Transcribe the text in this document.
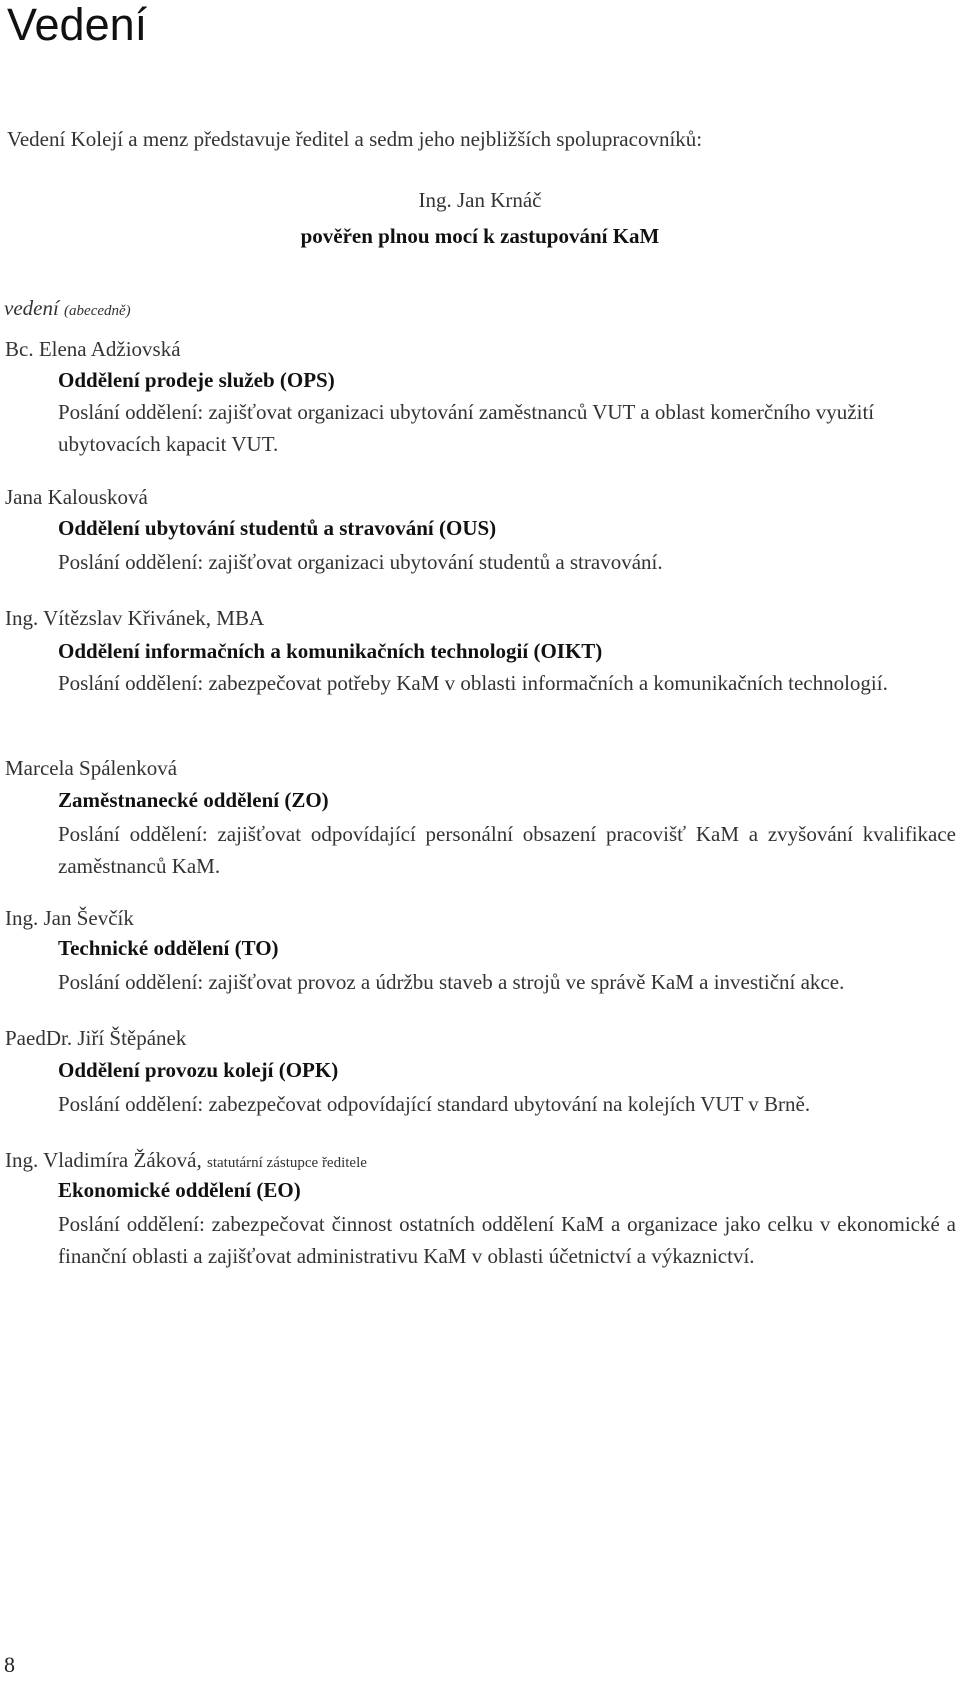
Vedení
Vedení Kolejí a menz představuje ředitel a sedm jeho nejbližších spolupracovníků:
Ing. Jan Krnáč
pověřen plnou mocí k zastupování KaM
vedení (abecedně)
Bc. Elena Adžiovská
Oddělení prodeje služeb (OPS)
Poslání oddělení: zajišťovat organizaci ubytování zaměstnanců VUT a oblast komerčního využití ubytovacích kapacit VUT.
Jana Kalousková
Oddělení ubytování studentů a stravování (OUS)
Poslání oddělení: zajišťovat organizaci ubytování studentů a stravování.
Ing. Vítězslav Křivánek, MBA
Oddělení informačních a komunikačních technologií (OIKT)
Poslání oddělení: zabezpečovat potřeby KaM v oblasti informačních a komunikačních technologií.
Marcela Spálenková
Zaměstnanecké oddělení (ZO)
Poslání oddělení: zajišťovat odpovídající personální obsazení pracovišť KaM a zvyšování kvalifikace zaměstnanců KaM.
Ing. Jan Ševčík
Technické oddělení (TO)
Poslání oddělení: zajišťovat provoz a údržbu staveb a strojů ve správě KaM a investiční akce.
PaedDr. Jiří Štěpánek
Oddělení provozu kolejí (OPK)
Poslání oddělení: zabezpečovat odpovídající standard ubytování na kolejích VUT v Brně.
Ing. Vladimíra Žáková, statutární zástupce ředitele
Ekonomické oddělení (EO)
Poslání oddělení: zabezpečovat činnost ostatních oddělení KaM a organizace jako celku v ekonomické a finanční oblasti a zajišťovat administrativu KaM v oblasti účetnictví a výkaznictví.
8
